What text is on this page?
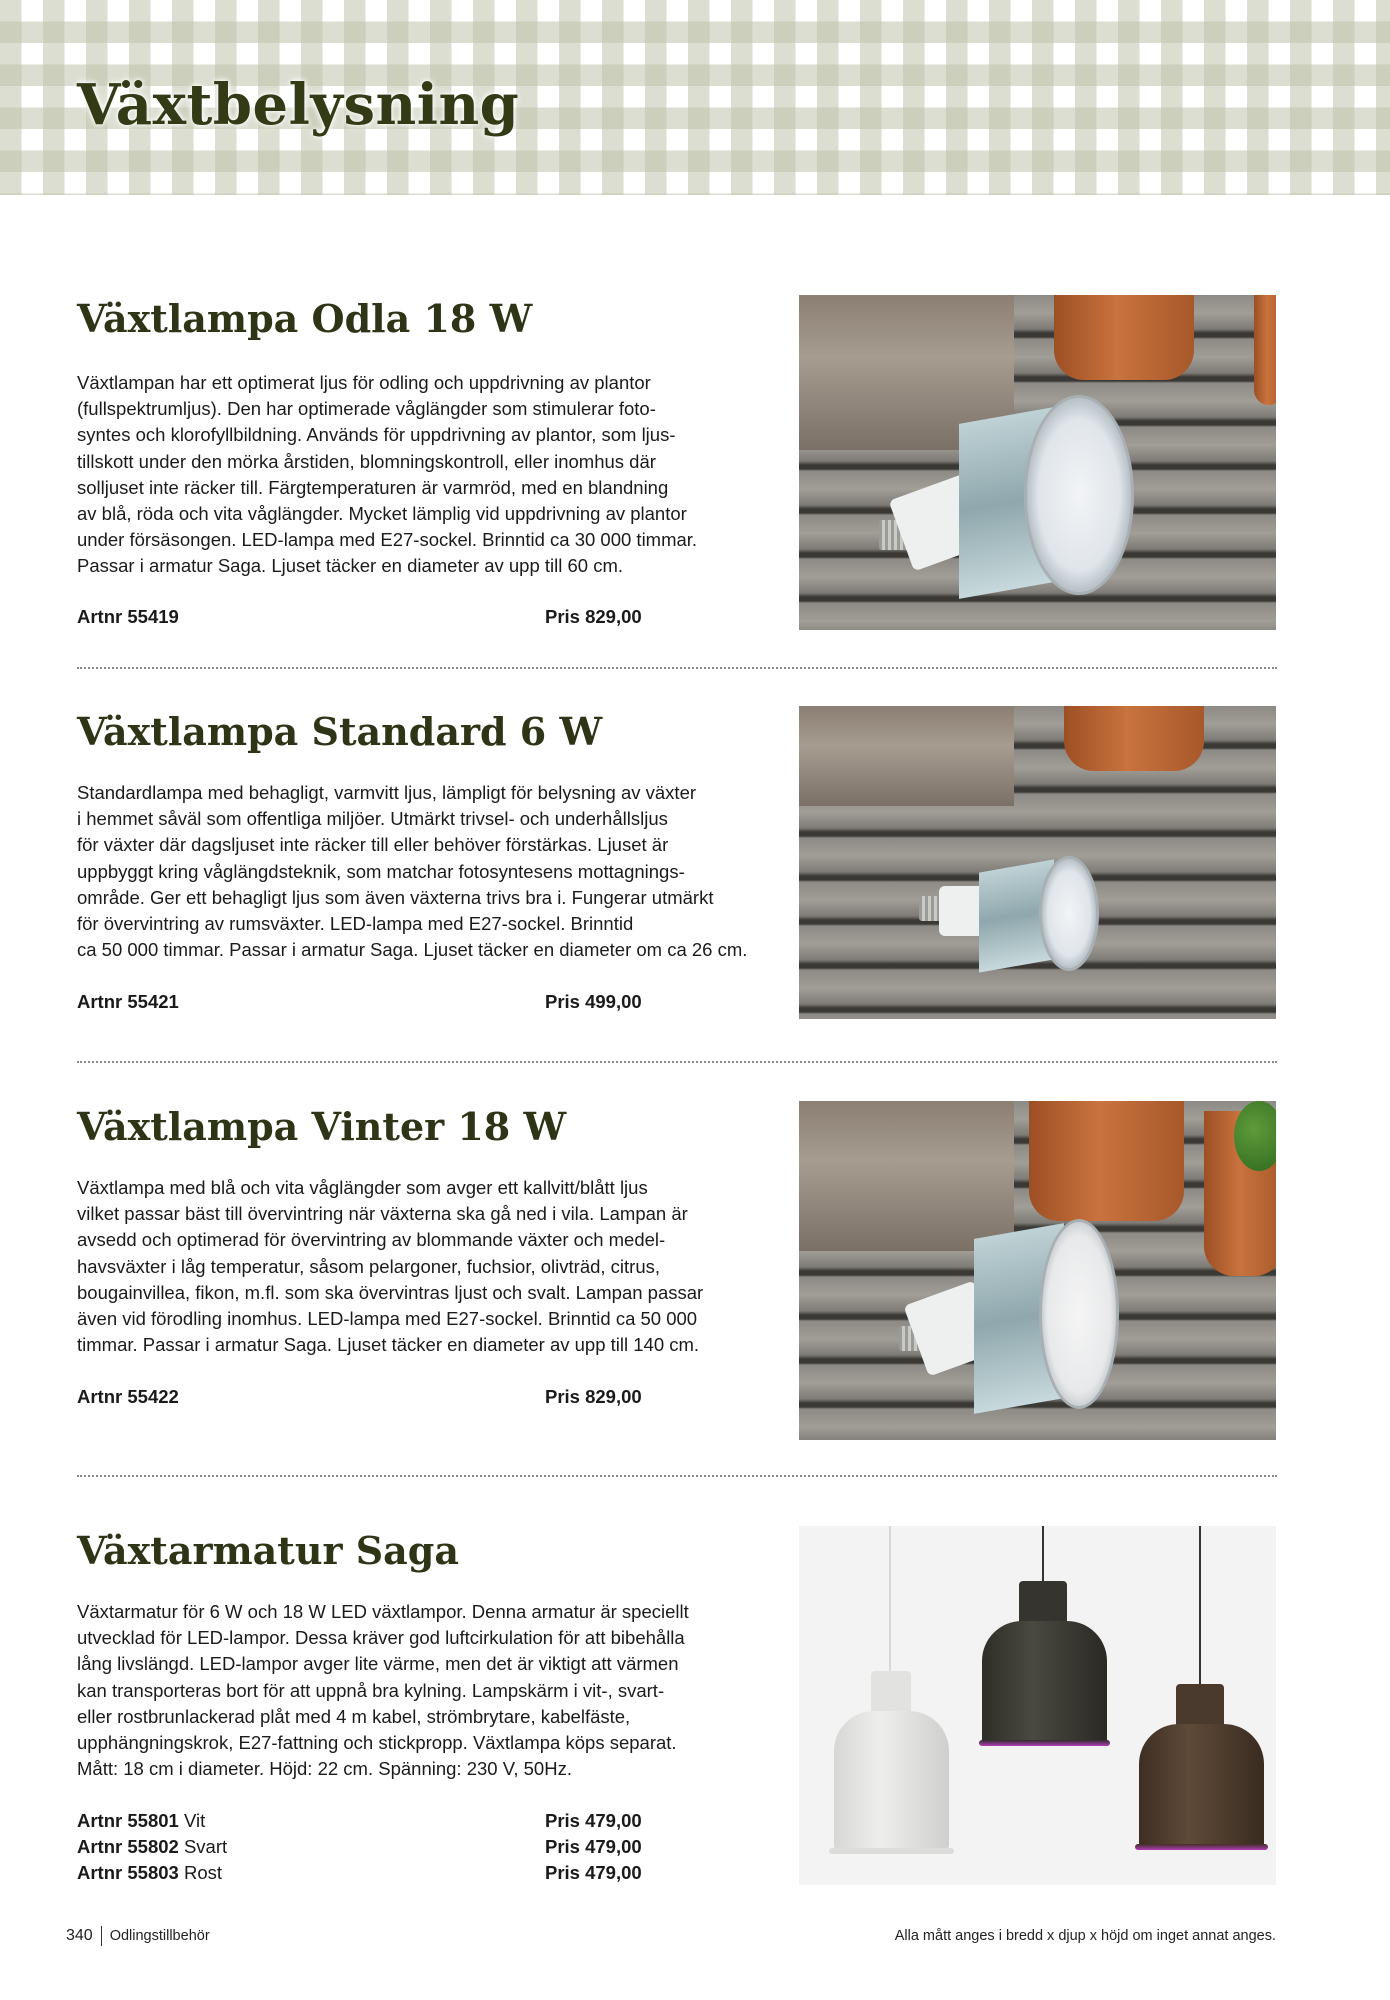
Växtbelysning
Växtlampa Odla 18 W
Växtlampan har ett optimerat ljus för odling och uppdrivning av plantor
(fullspektrumljus). Den har optimerade våglängder som stimulerar foto-
syntes och klorofyllbildning. Används för uppdrivning av plantor, som ljus-
tillskott under den mörka årstiden, blomningskontroll, eller inomhus där
solljuset inte räcker till. Färgtemperaturen är varmröd, med en blandning
av blå, röda och vita våglängder. Mycket lämplig vid uppdrivning av plantor
under försäsongen. LED-lampa med E27-sockel. Brinntid ca 30 000 timmar.
Passar i armatur Saga. Ljuset täcker en diameter av upp till 60 cm.
Artnr 55419	Pris 829,00
Växtlampa Standard 6 W
Standardlampa med behagligt, varmvitt ljus, lämpligt för belysning av växter
i hemmet såväl som offentliga miljöer. Utmärkt trivsel- och underhållsljus
för växter där dagsljuset inte räcker till eller behöver förstärkas. Ljuset är
uppbyggt kring våglängdsteknik, som matchar fotosyntesens mottagnings-
område. Ger ett behagligt ljus som även växterna trivs bra i. Fungerar utmärkt
för övervintring av rumsväxter. LED-lampa med E27-sockel. Brinntid
ca 50 000 timmar. Passar i armatur Saga. Ljuset täcker en diameter om ca 26 cm.
Artnr 55421	Pris 499,00
Växtlampa Vinter 18 W
Växtlampa med blå och vita våglängder som avger ett kallvitt/blått ljus
vilket passar bäst till övervintring när växterna ska gå ned i vila. Lampan är
avsedd och optimerad för övervintring av blommande växter och medel-
havsväxter i låg temperatur, såsom pelargoner, fuchsior, olivträd, citrus,
bougainvillea, fikon, m.fl. som ska övervintras ljust och svalt. Lampan passar
även vid förodling inomhus. LED-lampa med E27-sockel. Brinntid ca 50 000
timmar. Passar i armatur Saga. Ljuset täcker en diameter av upp till 140 cm.
Artnr 55422	Pris 829,00
Växtarmatur Saga
Växtarmatur för 6 W och 18 W LED växtlampor. Denna armatur är speciellt
utvecklad för LED-lampor. Dessa kräver god luftcirkulation för att bibehålla
lång livslängd. LED-lampor avger lite värme, men det är viktigt att värmen
kan transporteras bort för att uppnå bra kylning. Lampskärm i vit-, svart-
eller rostbrunlackerad plåt med 4 m kabel, strömbrytare, kabelfäste,
upphängningskrok, E27-fattning och stickpropp. Växtlampa köps separat.
Mått: 18 cm i diameter. Höjd: 22 cm. Spänning: 230 V, 50Hz.
Artnr 55801 Vit	Pris 479,00
Artnr 55802 Svart	Pris 479,00
Artnr 55803 Rost	Pris 479,00
340 Odlingstillbehör	Alla mått anges i bredd x djup x höjd om inget annat anges.
